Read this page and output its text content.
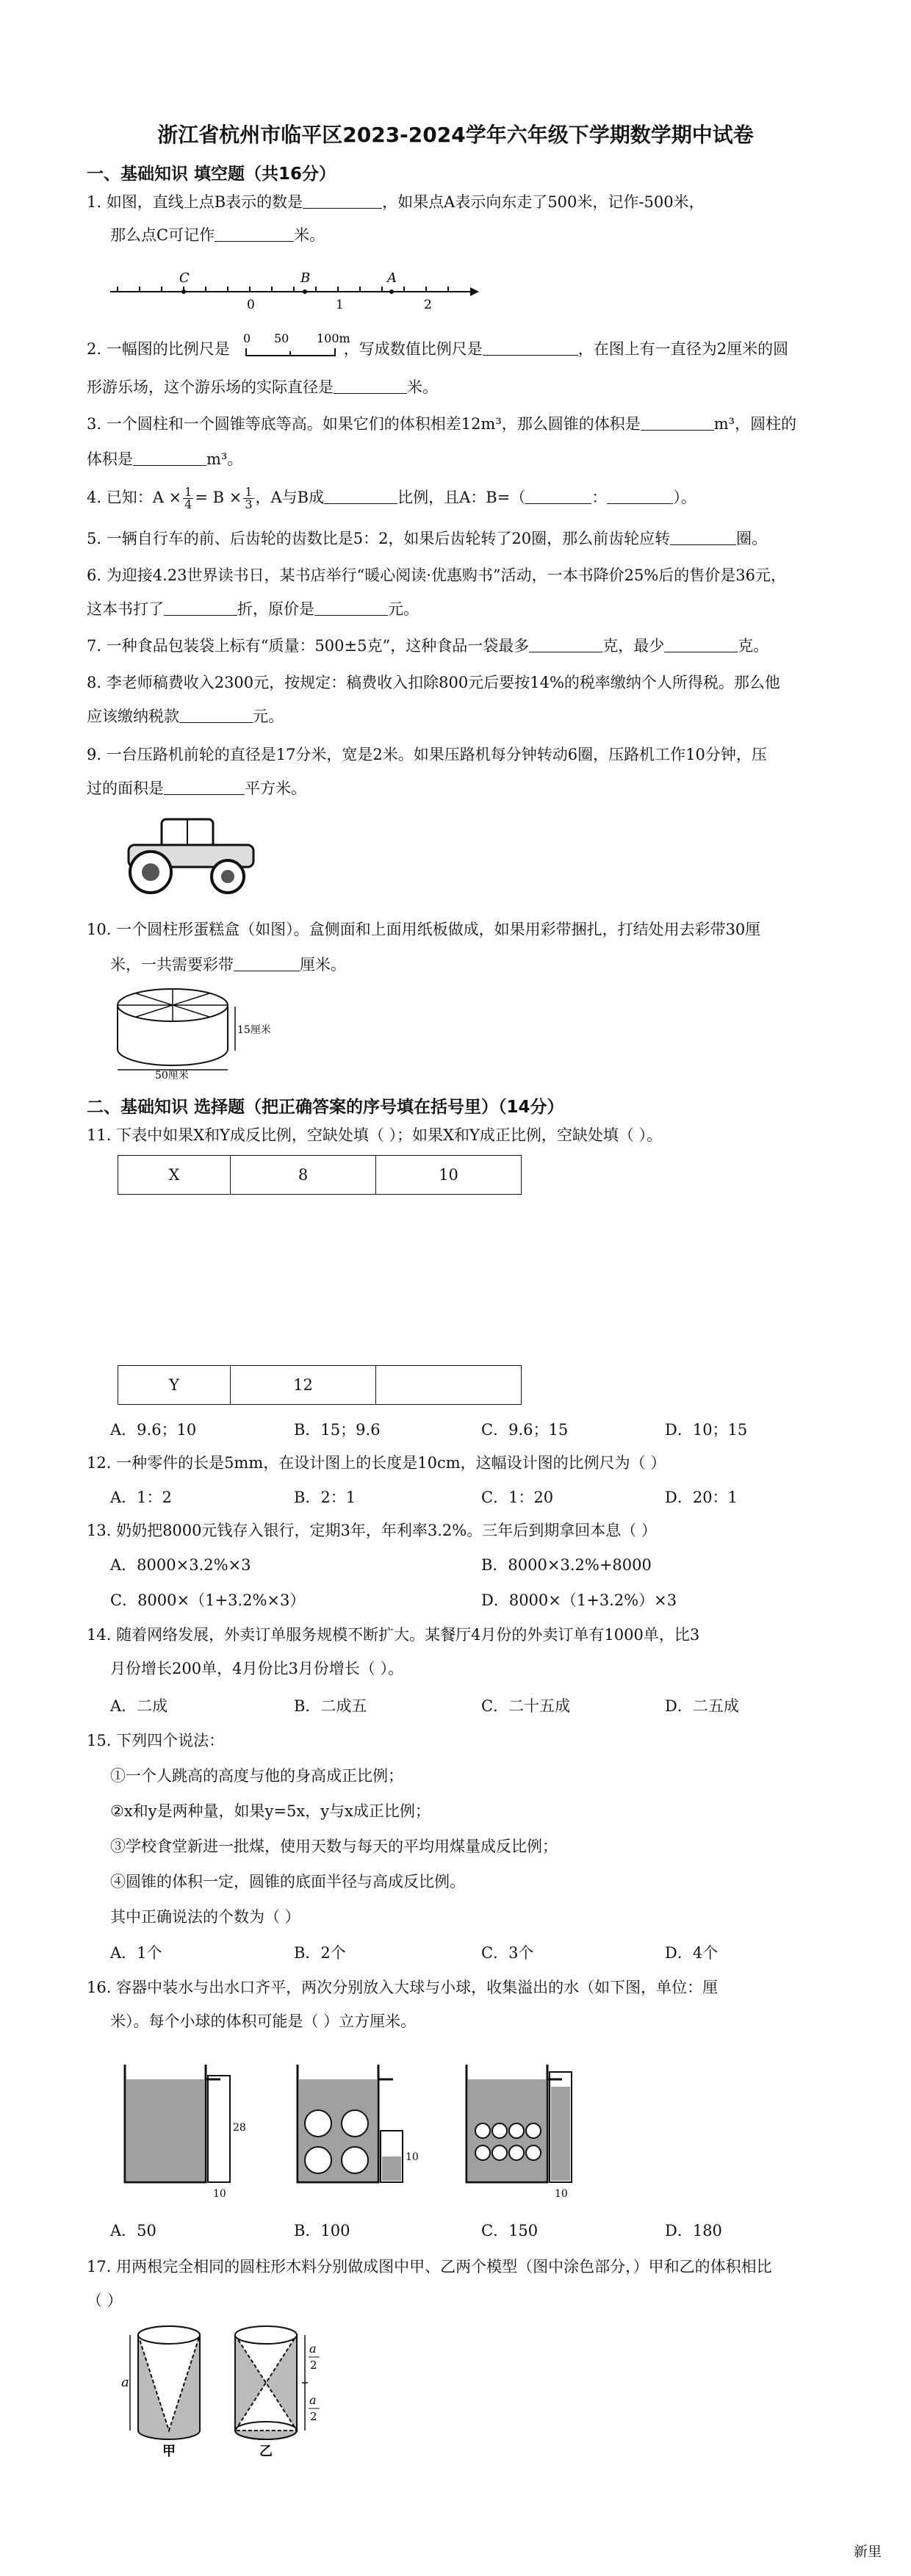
浙江省杭州市临平区2023-2024学年六年级下学期数学期中试卷
一、基础知识 填空题（共16分）
1. 如图，直线上点B表示的数是	，如果点A表示向东走了500米，记作-500米，
那么点C可记作	米。
C	B	A
0	1	2
2. 一幅图的比例尺是	，写成数值比例尺是	，在图上有一直径为2厘米的圆
0 50 100m
形游乐场，这个游乐场的实际直径是	米。
3. 一个圆柱和一个圆锥等底等高。如果它们的体积相差12m³，那么圆锥的体积是	m³，圆柱的
体积是	m³。
4. 已知：$A \times \frac{1}{4} = B \times \frac{1}{3}$ ，A与B成	比例，且A：B=（	：	）。
5. 一辆自行车的前、后齿轮的齿数比是5：2，如果后齿轮转了20圈，那么前齿轮应转	圈。
6. 为迎接4.23世界读书日，某书店举行“暖心阅读·优惠购书”活动，一本书降价25%后的售价是36元，
这本书打了	折，原价是	元。
7. 一种食品包装袋上标有“质量：500±5克”，这种食品一袋最多	克，最少	克。
8. 李老师稿费收入2300元，按规定：稿费收入扣除800元后要按14%的税率缴纳个人所得税。那么他
应该缴纳税款	元。
9. 一台压路机前轮的直径是17分米，宽是2米。如果压路机每分钟转动6圈，压路机工作10分钟，压
过的面积是	平方米。
10. 一个圆柱形蛋糕盒（如图）。盒侧面和上面用纸板做成，如果用彩带捆扎，打结处用去彩带30厘
米，一共需要彩带	厘米。
15厘米
50厘米
二、基础知识 选择题（把正确答案的序号填在括号里）（14分）
11. 下表中如果X和Y成反比例，空缺处填（ ）；如果X和Y成正比例，空缺处填（ ）。
X	8	10
Y	12	
A．9.6；10	B．15；9.6	C．9.6；15	D．10；15
12. 一种零件的长是5mm，在设计图上的长度是10cm，这幅设计图的比例尺为（ ）
A．1：2	B．2：1	C．1：20	D．20：1
13. 奶奶把8000元钱存入银行，定期3年，年利率3.2%。三年后到期拿回本息（ ）
A．8000×3.2%×3	B．8000×3.2%+8000
C．8000×（1+3.2%×3）	D．8000×（1+3.2%）×3
14. 随着网络发展，外卖订单服务规模不断扩大。某餐厅4月份的外卖订单有1000单，比3
月份增长200单，4月份比3月份增长（ ）。
A．二成	B．二成五	C．二十五成	D．二五成
15. 下列四个说法：
①一个人跳高的高度与他的身高成正比例；
②x和y是两种量，如果y=5x，y与x成正比例；
③学校食堂新进一批煤，使用天数与每天的平均用煤量成反比例；
④圆锥的体积一定，圆锥的底面半径与高成反比例。
其中正确说法的个数为（ ）
A．1个	B．2个	C．3个	D．4个
16. 容器中装水与出水口齐平，两次分别放入大球与小球，收集溢出的水（如下图，单位：厘
米）。每个小球的体积可能是（ ）立方厘米。
28
10
10
10
A．50	B．100	C．150	D．180
17. 用两根完全相同的圆柱形木料分别做成图中甲、乙两个模型（图中涂色部分，）甲和乙的体积相比
（ ）
a
甲
a
2
a
2
乙
新里
